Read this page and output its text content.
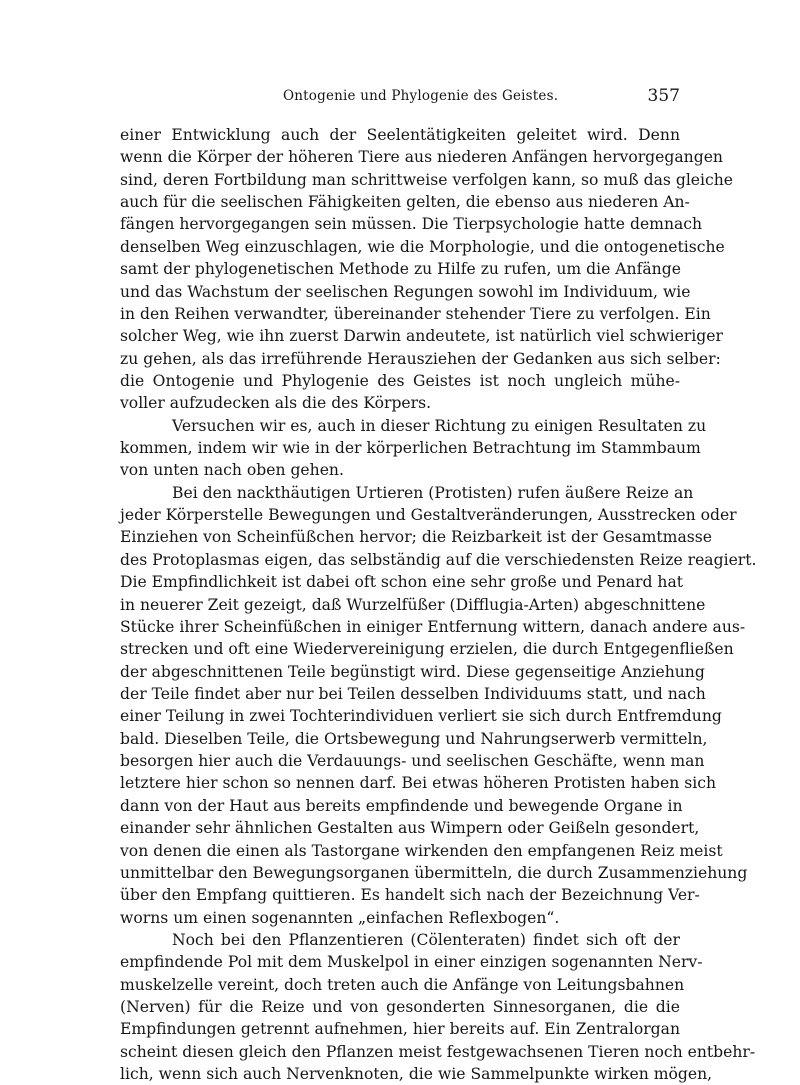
Ontogenie und Phylogenie des Geistes.	357
einer Entwicklung auch der Seelentätigkeiten geleitet wird. Denn
wenn die Körper der höheren Tiere aus niederen Anfängen hervorgegangen
sind, deren Fortbildung man schrittweise verfolgen kann, so muß das gleiche
auch für die seelischen Fähigkeiten gelten, die ebenso aus niederen An-
fängen hervorgegangen sein müssen. Die Tierpsychologie hatte demnach
denselben Weg einzuschlagen, wie die Morphologie, und die ontogenetische
samt der phylogenetischen Methode zu Hilfe zu rufen, um die Anfänge
und das Wachstum der seelischen Regungen sowohl im Individuum, wie
in den Reihen verwandter, übereinander stehender Tiere zu verfolgen. Ein
solcher Weg, wie ihn zuerst Darwin andeutete, ist natürlich viel schwieriger
zu gehen, als das irreführende Herausziehen der Gedanken aus sich selber:
die Ontogenie und Phylogenie des Geistes ist noch ungleich mühe-
voller aufzudecken als die des Körpers.
Versuchen wir es, auch in dieser Richtung zu einigen Resultaten zu
kommen, indem wir wie in der körperlichen Betrachtung im Stammbaum
von unten nach oben gehen.
Bei den nackthäutigen Urtieren (Protisten) rufen äußere Reize an
jeder Körperstelle Bewegungen und Gestaltveränderungen, Ausstrecken oder
Einziehen von Scheinfüßchen hervor; die Reizbarkeit ist der Gesamtmasse
des Protoplasmas eigen, das selbständig auf die verschiedensten Reize reagiert.
Die Empfindlichkeit ist dabei oft schon eine sehr große und Penard hat
in neuerer Zeit gezeigt, daß Wurzelfüßer (Difflugia-Arten) abgeschnittene
Stücke ihrer Scheinfüßchen in einiger Entfernung wittern, danach andere aus-
strecken und oft eine Wiedervereinigung erzielen, die durch Entgegenfließen
der abgeschnittenen Teile begünstigt wird. Diese gegenseitige Anziehung
der Teile findet aber nur bei Teilen desselben Individuums statt, und nach
einer Teilung in zwei Tochterindividuen verliert sie sich durch Entfremdung
bald. Dieselben Teile, die Ortsbewegung und Nahrungserwerb vermitteln,
besorgen hier auch die Verdauungs- und seelischen Geschäfte, wenn man
letztere hier schon so nennen darf. Bei etwas höheren Protisten haben sich
dann von der Haut aus bereits empfindende und bewegende Organe in
einander sehr ähnlichen Gestalten aus Wimpern oder Geißeln gesondert,
von denen die einen als Tastorgane wirkenden den empfangenen Reiz meist
unmittelbar den Bewegungsorganen übermitteln, die durch Zusammenziehung
über den Empfang quittieren. Es handelt sich nach der Bezeichnung Ver-
worns um einen sogenannten „einfachen Reflexbogen“.
Noch bei den Pflanzentieren (Cölenteraten) findet sich oft der
empfindende Pol mit dem Muskelpol in einer einzigen sogenannten Nerv-
muskelzelle vereint, doch treten auch die Anfänge von Leitungsbahnen
(Nerven) für die Reize und von gesonderten Sinnesorganen, die die
Empfindungen getrennt aufnehmen, hier bereits auf. Ein Zentralorgan
scheint diesen gleich den Pflanzen meist festgewachsenen Tieren noch entbehr-
lich, wenn sich auch Nervenknoten, die wie Sammelpunkte wirken mögen,
